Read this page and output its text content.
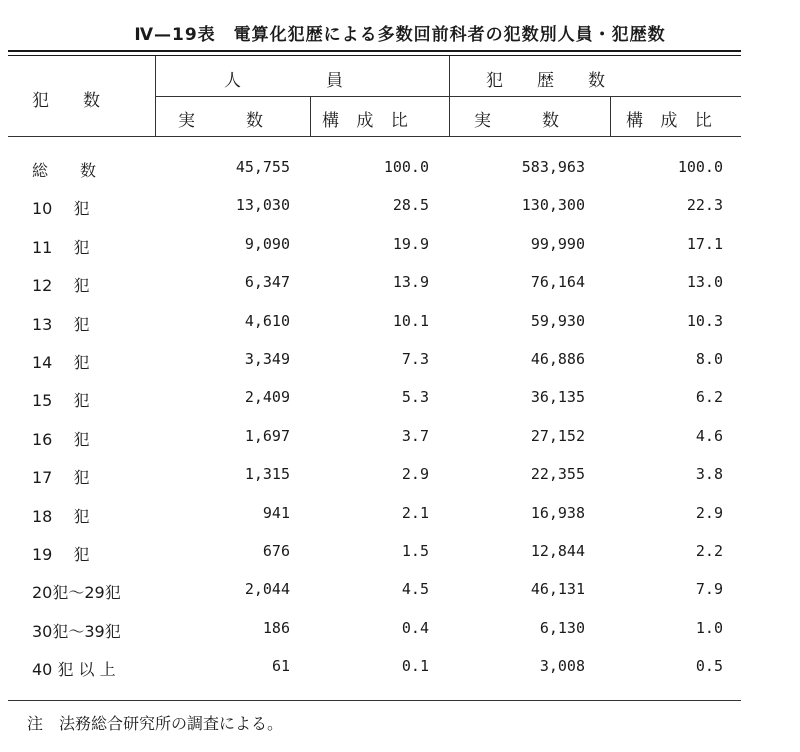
Ⅳ—19表　電算化犯歴による多数回前科者の犯数別人員・犯歴数
犯　　数
人　　　　　員	犯　　歴　　数
実　　　数	構 成 比	実　　　数	構 成 比
総　　数	45,755	100.0	583,963	100.0
10　 犯	13,030	28.5	130,300	22.3
11　 犯	9,090	19.9	99,990	17.1
12　 犯	6,347	13.9	76,164	13.0
13　 犯	4,610	10.1	59,930	10.3
14　 犯	3,349	7.3	46,886	8.0
15　 犯	2,409	5.3	36,135	6.2
16　 犯	1,697	3.7	27,152	4.6
17　 犯	1,315	2.9	22,355	3.8
18　 犯	941	2.1	16,938	2.9
19　 犯	676	1.5	12,844	2.2
20犯～29犯	2,044	4.5	46,131	7.9
30犯～39犯	186	0.4	6,130	1.0
40 犯 以 上	61	0.1	3,008	0.5
注　法務総合研究所の調査による。
